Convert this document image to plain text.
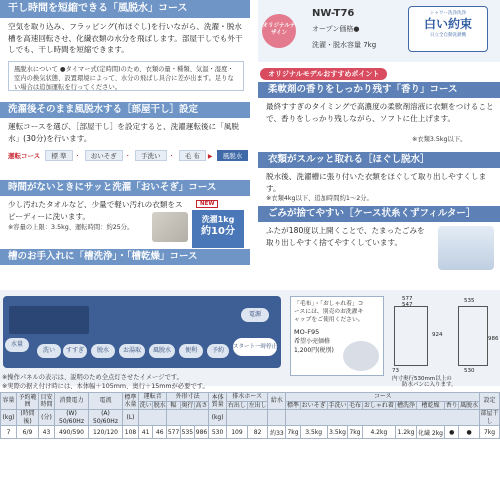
干し時間を短縮できる「風脱水」コース
空気を取り込み、フラッピング(布ほぐし)を行いながら、洗濯・脱水槽を高速回転させ、化繊衣類の水分を飛ばします。部屋干しでも外干しでも、干し時間を短縮できます。
風脱水について ●タイマー式(定時間)のため、衣類の量・種類、気温・湿度・室内の換気状態、設置環境によって、水分の飛ばし具合に差が出ます。足りない場合は追加運転を行ってください。
洗濯後そのまま風脱水する［部屋干し］設定
運転コースを選び、［部屋干し］を設定すると、洗濯運転後に「風脱水」(30分)を行います。
運転コース 標 準 ・ おいそぎ ・ 手洗い ・ 毛 布 ▶ 風脱水
時間がないときにサッと洗濯「おいそぎ」コース
少し汚れたタオルなど、少量で軽い汚れの衣類をスピーディーに洗います。
※容量の上限：3.5kg、運転時間：約25分。
NEW
洗濯1kg
約10分
槽のお手入れに「槽洗浄」・「槽乾燥」コース
オリジナルデザイン
NW-T76
オープン価格●
洗濯・脱水容量 7kg
シャワー洗浄洗浄
白い約束
日立全自動洗濯機
オリジナルモデルおすすめポイント
柔軟剤の香りをしっかり残す「香り」コース
最終すすぎのタイミングで高濃度の柔軟剤溶液に衣類をつけることで、香りをしっかり残しながら、ソフトに仕上げます。
※衣類3.5kg以下。
衣類がスルッと取れる［ほぐし脱水］
脱水後、洗濯槽に張り付いた衣類をほぐして取り出しやすくします。
※衣類4kg以下、追加時間約1〜2分。
ごみが捨てやすい［ケース状糸くずフィルター］
ふたが180度以上開くことで、たまったごみを取り出しやすく捨てやすくしています。
水量
洗い	すすぎ	脱水	お湯取	風脱水	便利	予約	スタート一時停止
電源
※操作パネルの表示は、説明のため全点灯させたイメージです。
※実際の据え付け時には、本体幅＋105mm、奥行＋15mmが必要です。
「毛布」・「おしゃれ着」コースには、別売のお洗濯キャップをご使用ください。
MO-F95
希望小売価格
1,200円(税別)
577
547
924
986
535
73	530
内寸奥行530mm以上の
防水パンに入ります。
容量	予約範囲	目安時間	消費電力	電流	標準水量	運転音		外形寸法			本体質量	排水ホース		給水	コース									設定
						洗い	脱水	幅	奥行	高さ		右出し	左出し		標準	おいそぎ	手洗い	毛布	おしゃれ着	槽洗浄	槽乾燥	香り	風脱水	
(kg)	(時間後)	(分)	(W) 50/60Hz	(A) 50/60Hz	(L)						(kg)													部屋干し
7	6/9	43	490/590	120/120	108	41	46	577	535	986	530	109	82	約33	7kg	3.5kg	3.5kg	7kg	4.2kg	1.2kg	化繊 2kg	●	●	7kg
